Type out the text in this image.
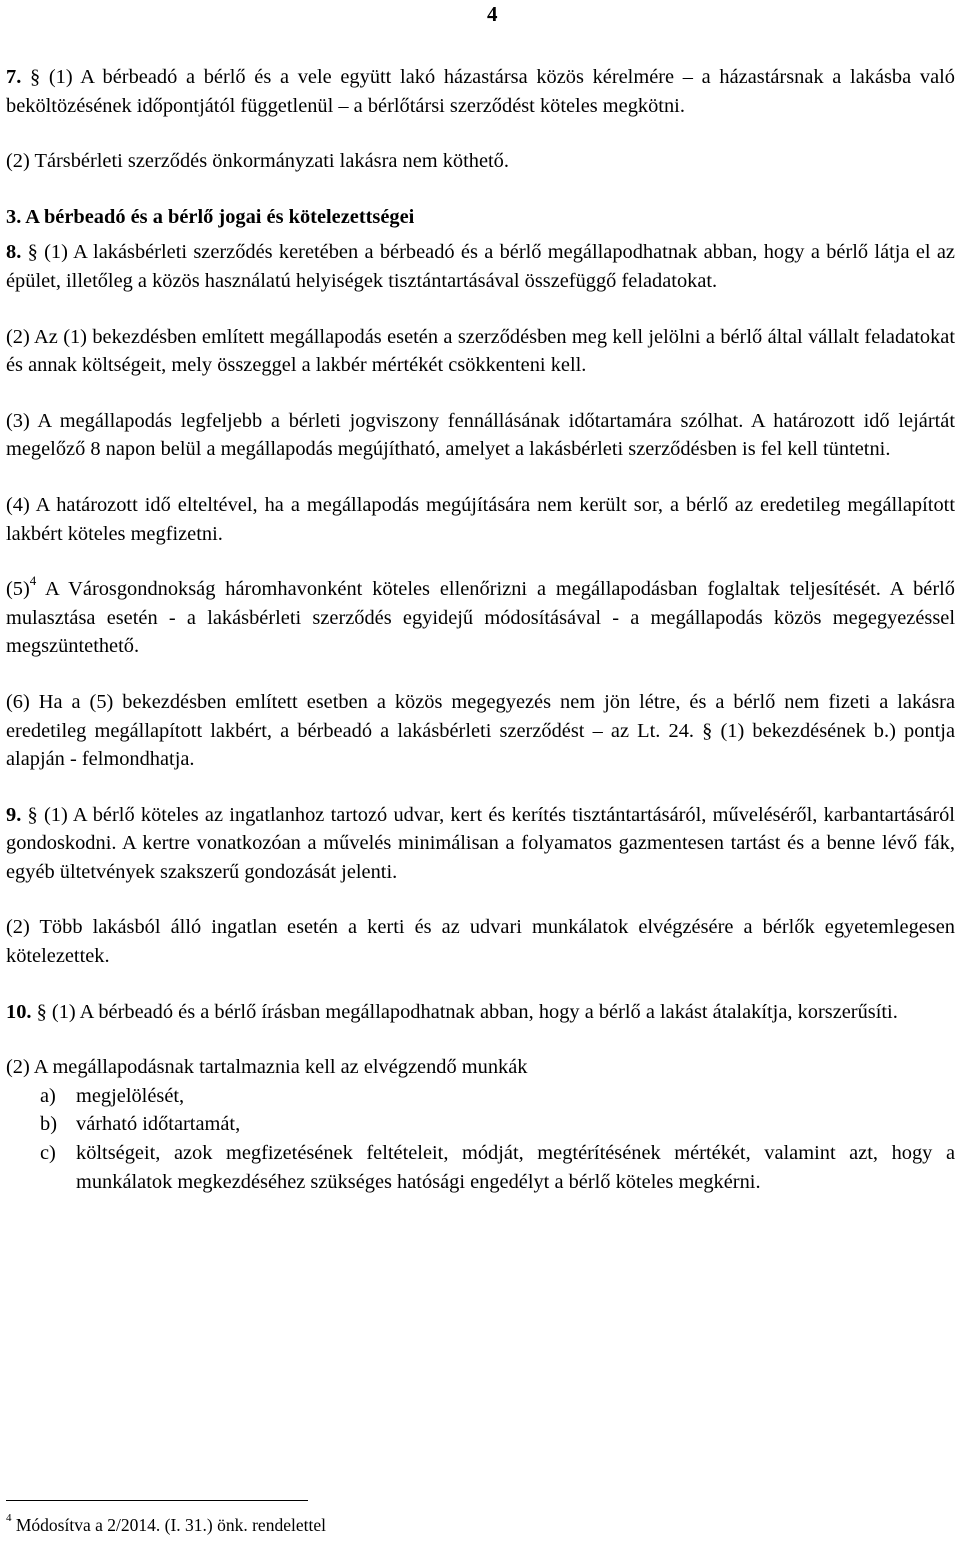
4

7. § (1) A bérbeadó a bérlő és a vele együtt lakó házastársa közös kérelmére – a házastársnak a lakásba való beköltözésének időpontjától függetlenül – a bérlőtársi szerződést köteles megkötni.

(2) Társbérleti szerződés önkormányzati lakásra nem köthető.

3. A bérbeadó és a bérlő jogai és kötelezettségei

8. § (1) A lakásbérleti szerződés keretében a bérbeadó és a bérlő megállapodhatnak abban, hogy a bérlő látja el az épület, illetőleg a közös használatú helyiségek tisztántartásával összefüggő feladatokat.

(2) Az (1) bekezdésben említett megállapodás esetén a szerződésben meg kell jelölni a bérlő által vállalt feladatokat és annak költségeit, mely összeggel a lakbér mértékét csökkenteni kell.

(3) A megállapodás legfeljebb a bérleti jogviszony fennállásának időtartamára szólhat. A határozott idő lejártát megelőző 8 napon belül a megállapodás megújítható, amelyet a lakásbérleti szerződésben is fel kell tüntetni.

(4) A határozott idő elteltével, ha a megállapodás megújítására nem került sor, a bérlő az eredetileg megállapított lakbért köteles megfizetni.

$(5)^4$ A Városgondnokság háromhavonként köteles ellenőrizni a megállapodásban foglaltak teljesítését. A bérlő mulasztása esetén - a lakásbérleti szerződés egyidejű módosításával - a megállapodás közös megegyezéssel megszüntethető.

(6) Ha a (5) bekezdésben említett esetben a közös megegyezés nem jön létre, és a bérlő nem fizeti a lakásra eredetileg megállapított lakbért, a bérbeadó a lakásbérleti szerződést – az Lt. 24. § (1) bekezdésének b.) pontja alapján - felmondhatja.

9. § (1) A bérlő köteles az ingatlanhoz tartozó udvar, kert és kerítés tisztántartásáról, műveléséről, karbantartásáról gondoskodni. A kertre vonatkozóan a művelés minimálisan a folyamatos gazmentesen tartást és a benne lévő fák, egyéb ültetvények szakszerű gondozását jelenti.

(2) Több lakásból álló ingatlan esetén a kerti és az udvari munkálatok elvégzésére a bérlők egyetemlegesen kötelezettek.

10. § (1) A bérbeadó és a bérlő írásban megállapodhatnak abban, hogy a bérlő a lakást átalakítja, korszerűsíti.

(2) A megállapodásnak tartalmaznia kell az elvégzendő munkák

a) megjelölését,
b) várható időtartamát,
c) költségeit, azok megfizetésének feltételeit, módját, megtérítésének mértékét, valamint azt, hogy a munkálatok megkezdéséhez szükséges hatósági engedélyt a bérlő köteles megkérni.
$^4$ Módosítva a 2/2014. (I. 31.) önk. rendelettel
